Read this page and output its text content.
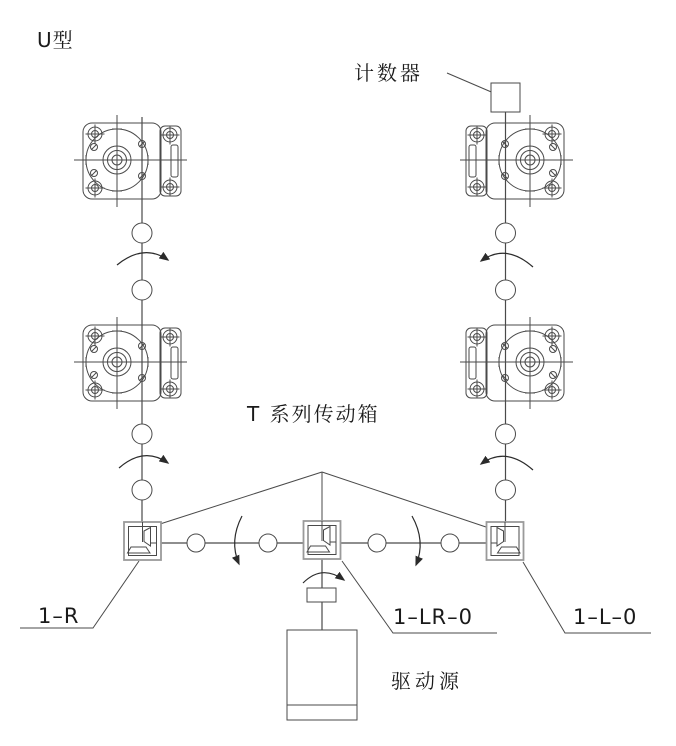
U型
计数器
T 系列传动箱
1–R	1–LR–0	1–L–0
驱动源
